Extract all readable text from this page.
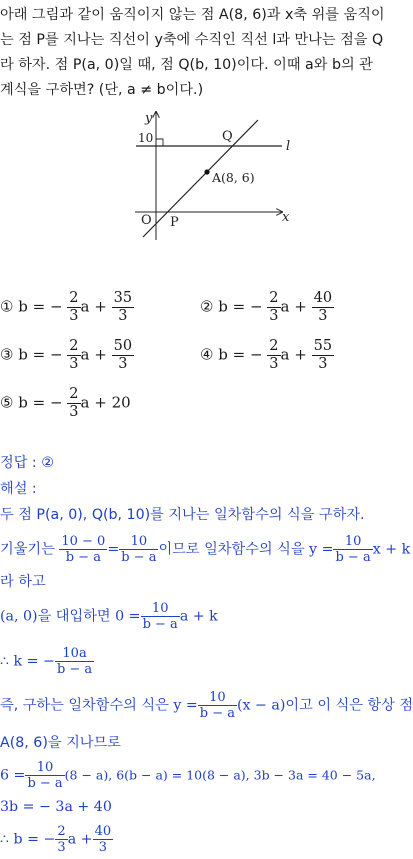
아래 그림과 같이 움직이지 않는 점 A(8, 6)과 x축 위를 움직이
는 점 P를 지나는 직선이 y축에 수직인 직선 l과 만나는 점을 Q
라 하자. 점 P(a, 0)일 때, 점 Q(b, 10)이다. 이때 a와 b의 관
계식을 구하면? (단, a ≠ b이다.)
y
x
10
O P
Q
A(8, 6)
l
① b = − $\frac{2}{3}$ $a + \frac{35}{3}$	② b = − $\frac{2}{3}$ $a + \frac{40}{3}$
③ b = − $\frac{2}{3}$ $a + \frac{50}{3}$	④ b = − $\frac{2}{3}$ $a + \frac{55}{3}$
⑤ b = − $\frac{2}{3}$ a + 20
정답 : ②
해설 :
두 점 P(a, 0), Q(b, 10)를 지나는 일차함수의 식을 구하자.
기울기는 $\frac{10 - 0}{b - a} = \frac{10}{b - a}$ 이므로 일차함수의 식을 $y = \frac{10}{b - a}$ x + k
라 하고
(a, 0)을 대입하면 $0 = \frac{10}{b - a}$ a + k
∴ k = − $\frac{10a}{b - a}$
즉, 구하는 일차함수의 식은 $y = \frac{10}{b - a} (x - a)$이고 이 식은 항상 점
A(8, 6)을 지나므로
$6 = \frac{10}{b - a} (8 - a)$, 6(b − a) = 10(8 − a), 3b − 3a = 40 − 5a,
3b = − 3a + 40
∴ b = − $\frac{2}{3}$ $a + \frac{40}{3}$
